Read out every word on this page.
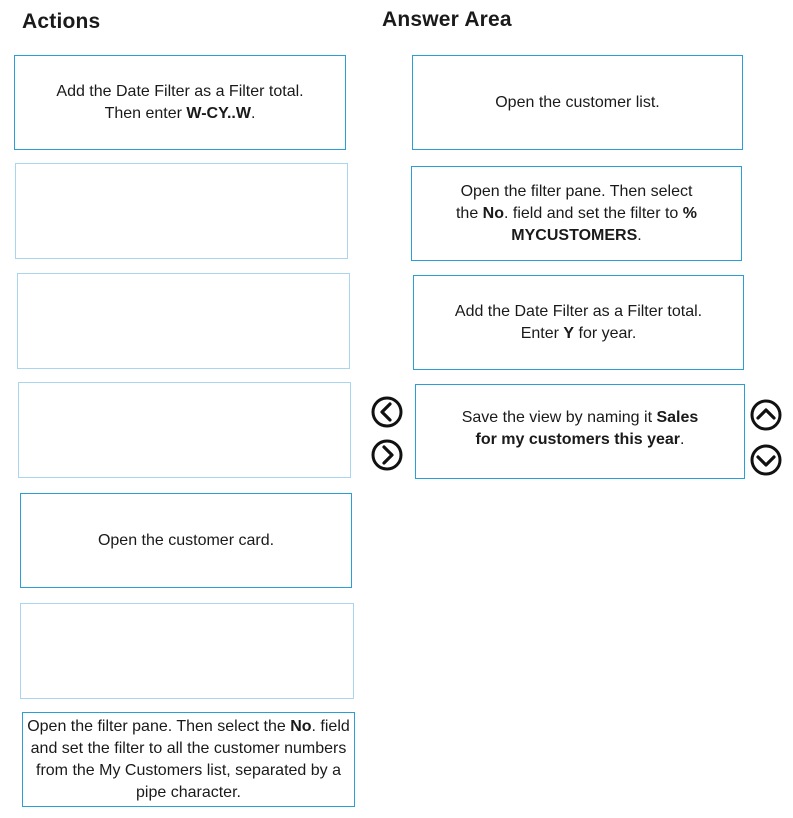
Actions	Answer Area
Add the Date Filter as a Filter total.
Then enter W-CY..W.
Open the customer card.
Open the filter pane. Then select the No. field and set the filter to all the customer numbers from the My Customers list, separated by a pipe character.
Open the customer list.
Open the filter pane. Then select
the No. field and set the filter to %
MYCUSTOMERS.
Add the Date Filter as a Filter total.
Enter Y for year.
Save the view by naming it Sales
for my customers this year.
